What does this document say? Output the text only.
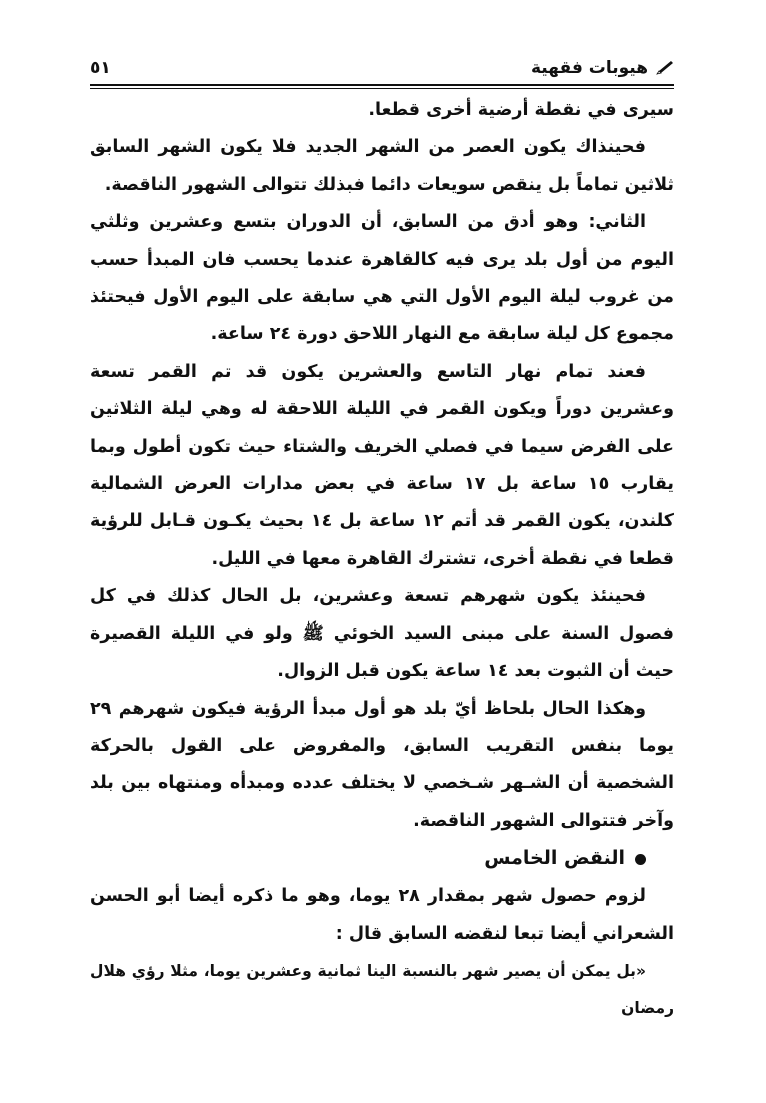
هيوبات فقهية
٥١

سيرى في نقطة أرضية أخرى قطعا.

فحينذاك يكون العصر من الشهر الجديد فلا يكون الشهر السابق ثلاثين تماماً بل ينقص سويعات دائما فبذلك تتوالى الشهور الناقصة.

الثاني: وهو أدق من السابق، أن الدوران بتسع وعشرين وثلثي اليوم من أول بلد يرى فيه كالقاهرة عندما يحسب فان المبدأ حسب من غروب ليلة اليوم الأول التي هي سابقة على اليوم الأول فيحتئذ مجموع كل ليلة سابقة مع النهار اللاحق دورة ٢٤ ساعة.

فعند تمام نهار التاسع والعشرين يكون قد تم القمر تسعة وعشرين دوراً ويكون القمر في الليلة اللاحقة له وهي ليلة الثلاثين على الفرض سيما في فصلي الخريف والشتاء حيث تكون أطول وبما يقارب ١٥ ساعة بل ١٧ ساعة في بعض مدارات العرض الشمالية كلندن، يكون القمر قد أتم ١٢ ساعة بل ١٤ بحيث يكـون قـابل للرؤية قطعا في نقطة أخرى، تشترك القاهرة معها في الليل.

فحينئذ يكون شهرهم تسعة وعشرين، بل الحال كذلك في كل فصول السنة على مبنى السيد الخوئي ﷺ ولو في الليلة القصيرة حيث أن الثبوت بعد ١٤ ساعة يكون قبل الزوال.

وهكذا الحال بلحاظ أيّ بلد هو أول مبدأ الرؤية فيكون شهرهم ٢٩ يوما بنفس التقريب السابق، والمفروض على القول بالحركة الشخصية أن الشـهر شـخصي لا يختلف عدده ومبدأه ومنتهاه بين بلد وآخر فتتوالى الشهور الناقصة.

النقض الخامس

لزوم حصول شهر بمقدار ٢٨ يوما، وهو ما ذكره أيضا أبو الحسن الشعراني أيضا تبعا لنقضه السابق قال :

«بل يمكن أن يصير شهر بالنسبة الينا ثمانية وعشرين يوما، مثلا رؤي هلال رمضان
